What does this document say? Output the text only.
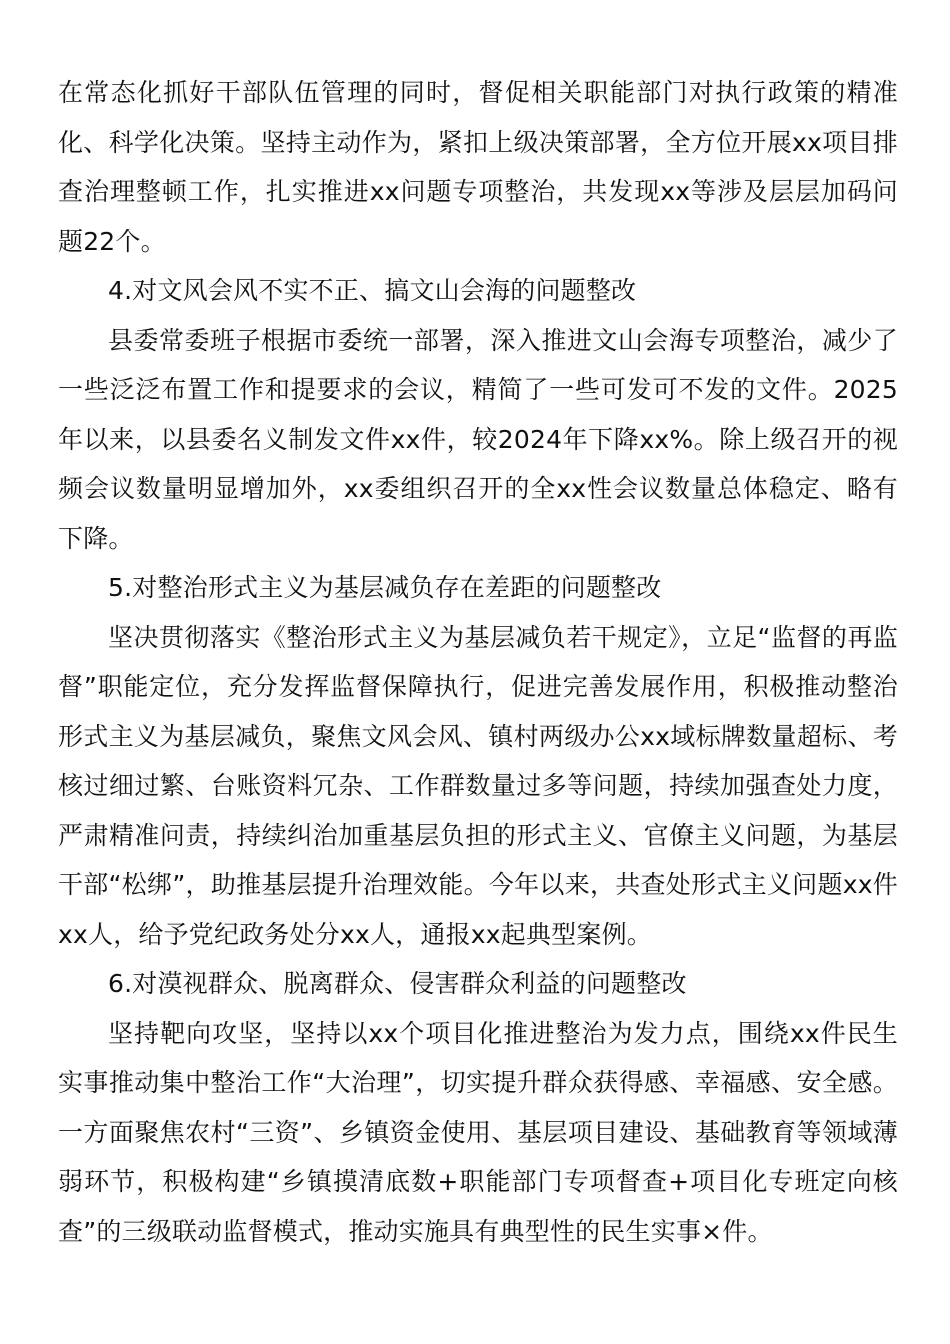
在常态化抓好干部队伍管理的同时，督促相关职能部门对执行政策的精准化、科学化决策。坚持主动作为，紧扣上级决策部署，全方位开展xx项目排查治理整顿工作，扎实推进xx问题专项整治，共发现xx等涉及层层加码问题22个。

4.对文风会风不实不正、搞文山会海的问题整改

县委常委班子根据市委统一部署，深入推进文山会海专项整治，减少了一些泛泛布置工作和提要求的会议，精简了一些可发可不发的文件。2025年以来，以县委名义制发文件xx件，较2024年下降xx%。除上级召开的视频会议数量明显增加外，xx委组织召开的全xx性会议数量总体稳定、略有下降。

5.对整治形式主义为基层减负存在差距的问题整改

坚决贯彻落实《整治形式主义为基层减负若干规定》，立足“监督的再监督”职能定位，充分发挥监督保障执行，促进完善发展作用，积极推动整治形式主义为基层减负，聚焦文风会风、镇村两级办公xx域标牌数量超标、考核过细过繁、台账资料冗杂、工作群数量过多等问题，持续加强查处力度，严肃精准问责，持续纠治加重基层负担的形式主义、官僚主义问题，为基层干部“松绑”，助推基层提升治理效能。今年以来，共查处形式主义问题xx件xx人，给予党纪政务处分xx人，通报xx起典型案例。

6.对漠视群众、脱离群众、侵害群众利益的问题整改

坚持靶向攻坚，坚持以xx个项目化推进整治为发力点，围绕xx件民生实事推动集中整治工作“大治理”，切实提升群众获得感、幸福感、安全感。一方面聚焦农村“三资”、乡镇资金使用、基层项目建设、基础教育等领域薄弱环节，积极构建“乡镇摸清底数+职能部门专项督查+项目化专班定向核查”的三级联动监督模式，推动实施具有典型性的民生实事×件。
